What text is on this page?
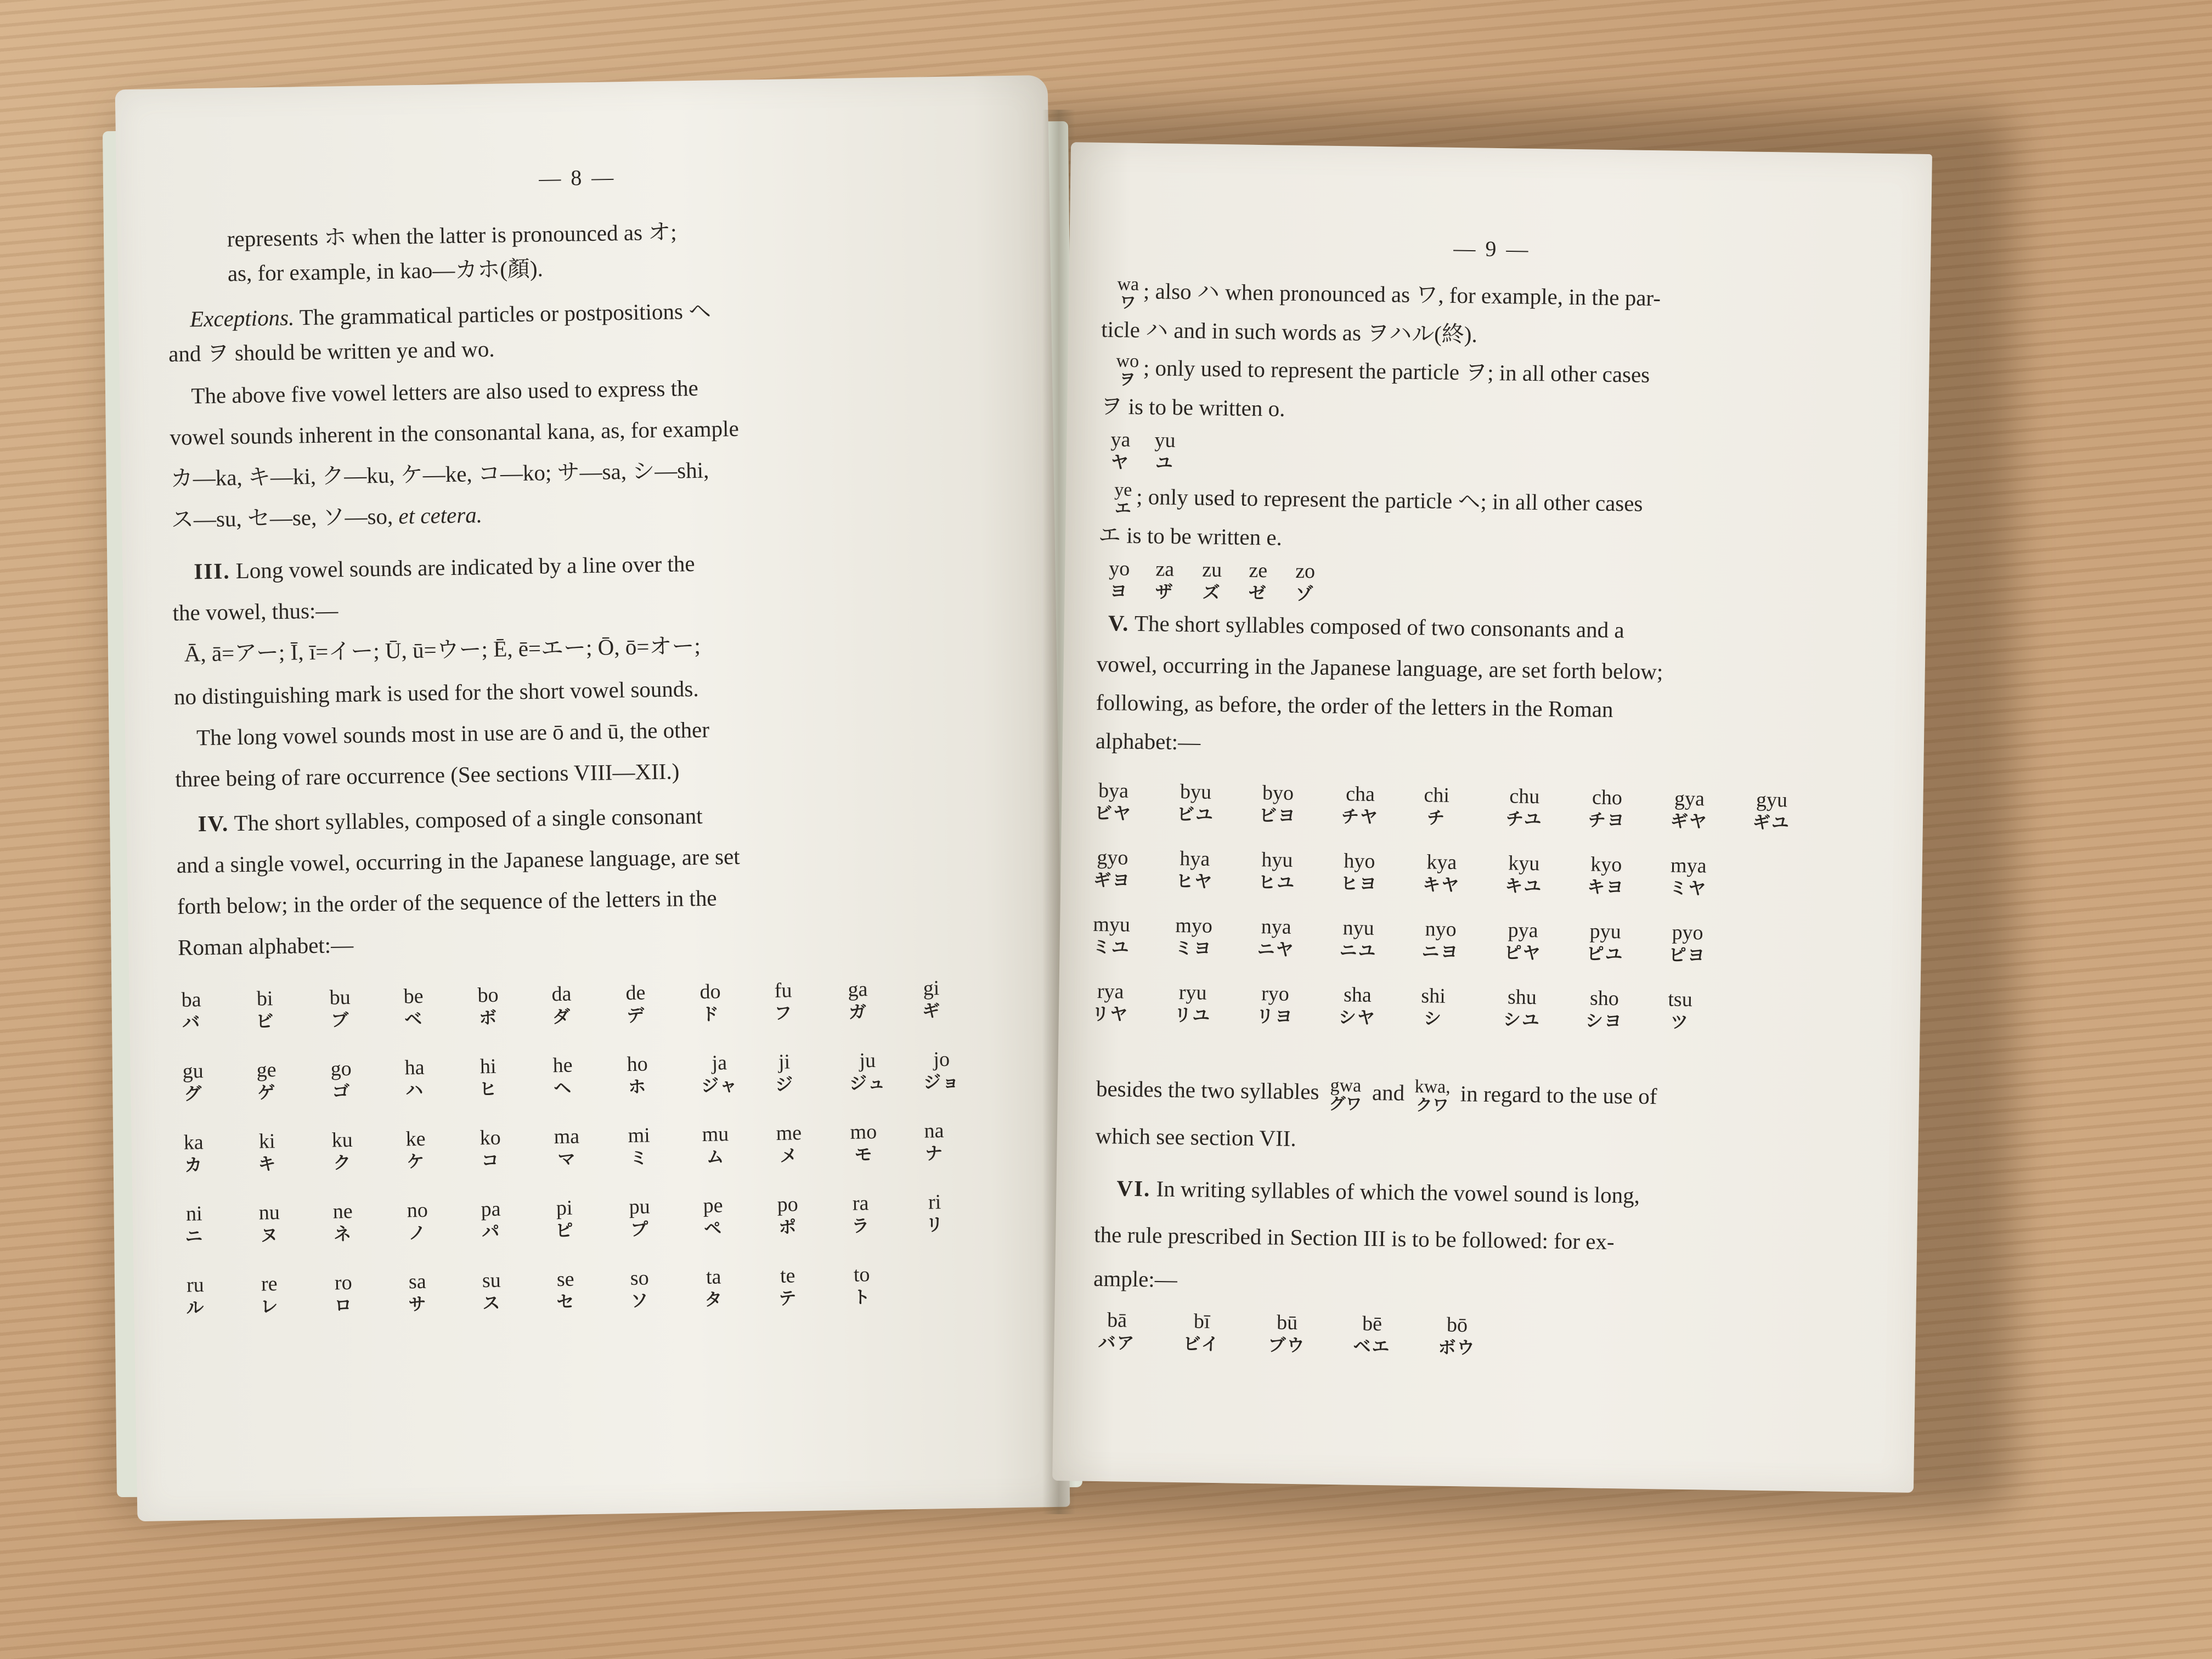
— 8 —
represents ホ when the latter is pronounced as オ;
as, for example, in kao—カホ(顏).
Exceptions. The grammatical particles or postpositions ヘ
and ヲ should be written ye and wo.
The above five vowel letters are also used to express the
vowel sounds inherent in the consonantal kana, as, for example
カ—ka, キ—ki, ク—ku, ケ—ke, コ—ko; サ—sa, シ—shi,
ス—su, セ—se, ソ—so, et cetera.
III. Long vowel sounds are indicated by a line over the
the vowel, thus:—
Ā, ā=アー; Ī, ī=イー; Ū, ū=ウー; Ē, ē=エー; Ō, ō=オー;
no distinguishing mark is used for the short vowel sounds.
The long vowel sounds most in use are ō and ū, the other
three being of rare occurrence (See sections VIII—XII.)
IV. The short syllables, composed of a single consonant
and a single vowel, occurring in the Japanese language, are set
forth below; in the order of the sequence of the letters in the
Roman alphabet:—
ba
バ
bi
ビ
bu
ブ
be
ベ
bo
ボ
da
ダ
de
デ
do
ド
fu
フ
ga
ガ
gi
ギ
gu
グ
ge
ゲ
go
ゴ
ha
ハ
hi
ヒ
he
ヘ
ho
ホ
ja
ジャ
ji
ジ
ju
ジュ
jo
ジョ
ka
カ
ki
キ
ku
ク
ke
ケ
ko
コ
ma
マ
mi
ミ
mu
ム
me
メ
mo
モ
na
ナ
ni
ニ
nu
ヌ
ne
ネ
no
ノ
pa
パ
pi
ピ
pu
プ
pe
ペ
po
ポ
ra
ラ
ri
リ
ru
ル
re
レ
ro
ロ
sa
サ
su
ス
se
セ
so
ソ
ta
タ
te
テ
to
ト
— 9 —
wa
ワ ; also ハ when pronounced as ワ, for example, in the par-
ticle ハ and in such words as ヲハル(終).
wo
ヲ ; only used to represent the particle ヲ; in all other cases
ヲ is to be written o.
ya
ヤ
yu
ユ
ye
エ ; only used to represent the particle ヘ; in all other cases
エ is to be written e.
yo
ヨ
za
ザ
zu
ズ
ze
ゼ
zo
ゾ
V. The short syllables composed of two consonants and a
vowel, occurring in the Japanese language, are set forth below;
following, as before, the order of the letters in the Roman
alphabet:—
bya
ビヤ
byu
ビユ
byo
ビヨ
cha
チヤ
chi
チ
chu
チユ
cho
チヨ
gya
ギヤ
gyu
ギユ
gyo
ギヨ
hya
ヒヤ
hyu
ヒユ
hyo
ヒヨ
kya
キヤ
kyu
キユ
kyo
キヨ
mya
ミヤ
myu
ミユ
myo
ミヨ
nya
ニヤ
nyu
ニユ
nyo
ニヨ
pya
ピヤ
pyu
ピユ
pyo
ピヨ
rya
リヤ
ryu
リユ
ryo
リヨ
sha
シヤ
shi
シ
shu
シユ
sho
シヨ
tsu
ツ
besides the two syllables gwa
グワ and kwa,
クワ in regard to the use of
which see section VII.
VI. In writing syllables of which the vowel sound is long,
the rule prescribed in Section III is to be followed: for ex-
ample:—
bā
バア
bī
ビイ
bū
ブウ
bē
ベエ
bō
ボウ
